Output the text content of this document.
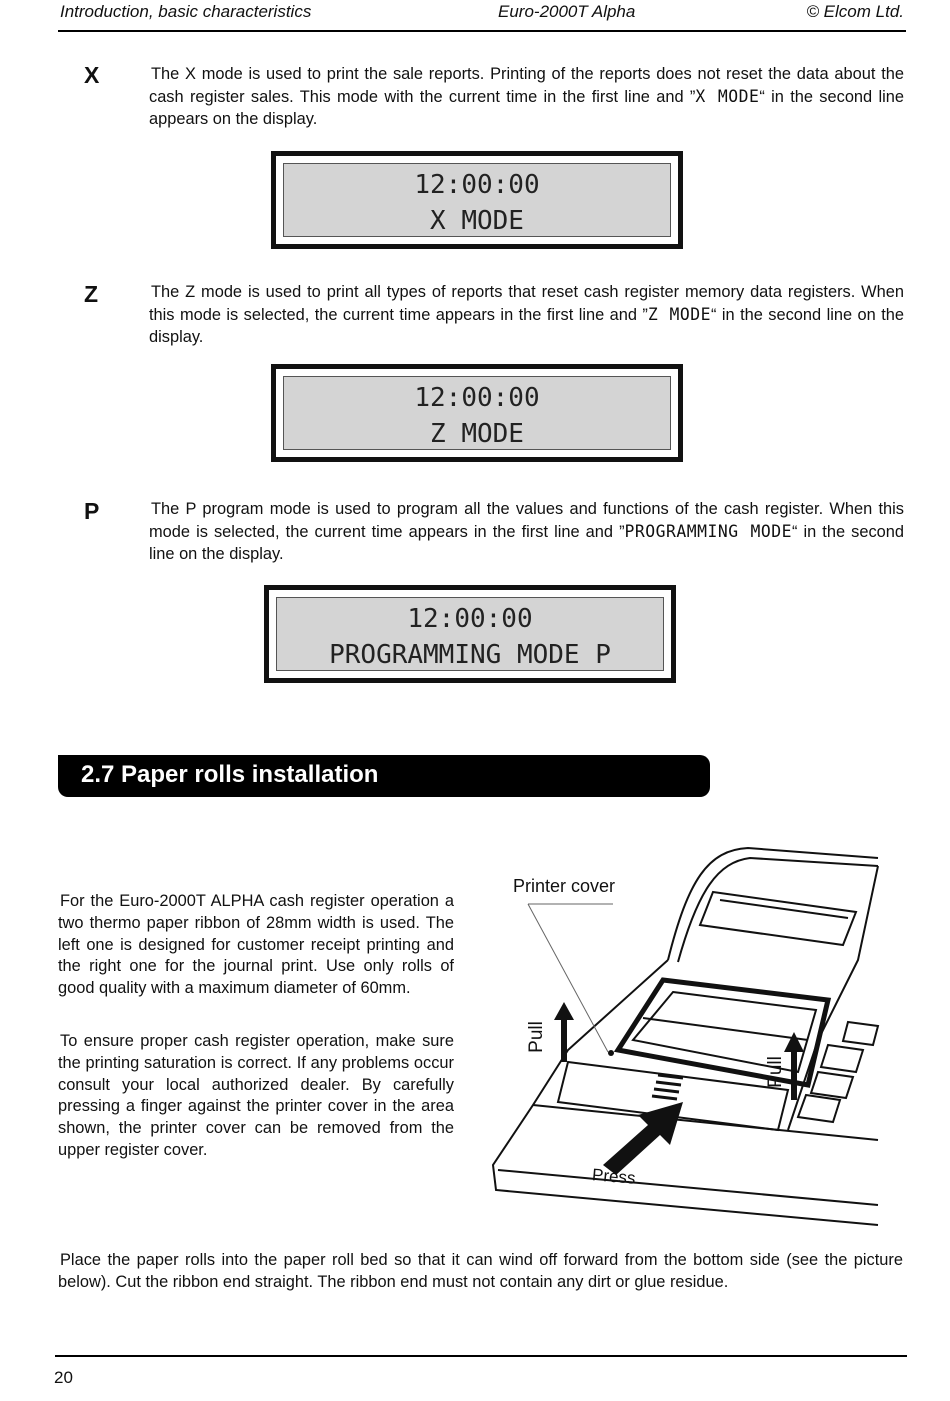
Introduction, basic characteristics	Euro-2000T Alpha	© Elcom Ltd.
X	The X mode is used to print the sale reports. Printing of the reports does not reset the data about the cash register sales. This mode with the current time in the first line and ”X MODE“ in the second line appears on the display.

12:00:00
X MODE
Z	The Z mode is used to print all types of reports that reset cash register memory data registers. When this mode is selected, the current time appears in the first line and ”Z MODE“ in the second line on the display.

12:00:00
Z MODE
P	The P program mode is used to program all the values and functions of the cash register. When this mode is selected, the current time appears in the first line and ”PROGRAMMING MODE“ in the second line on the display.

12:00:00
PROGRAMMING MODE P
2.7 Paper rolls installation

For the Euro-2000T ALPHA cash register operation a two thermo paper ribbon of 28mm width is used. The left one is designed for customer receipt printing and the right one for the journal print. Use only rolls of good quality with a maximum diameter of 60mm.

To ensure proper cash register operation, make sure the printing saturation is correct. If any problems occur consult your local authorized dealer. By carefully pressing a finger against the printer cover in the area shown, the printer cover can be removed from the upper register cover.

Printer cover
Pull
Pull
Press

Place the paper rolls into the paper roll bed so that it can wind off forward from the bottom side (see the picture below). Cut the ribbon end straight. The ribbon end must not contain any dirt or glue residue.

20
